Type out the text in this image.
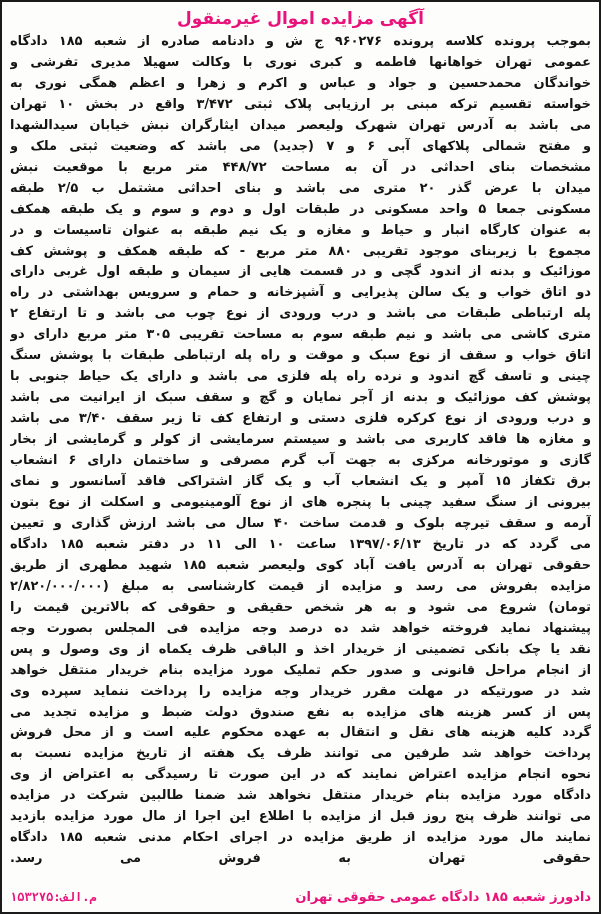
آگهی مزایده اموال غیرمنقول
بموجب پرونده کلاسه پرونده ۹۶۰۲۷۶ ج ش و دادنامه صادره از شعبه ۱۸۵ دادگاه
عمومی تهران خواهانها فاطمه و کبری نوری با وکالت سهیلا مدیری تفرشی و
خواندگان محمدحسین و جواد و عباس و اکرم و زهرا و اعظم همگی نوری به
خواسته تقسیم ترکه مبنی بر ارزیابی پلاک ثبتی ۳/۴۷۲ واقع در بخش ۱۰ تهران
می باشد به آدرس تهران شهرک ولیعصر میدان ایثارگران نبش خیابان سیدالشهدا
و مفتح شمالی پلاکهای آبی ۶ و ۷ (جدید) می باشد که وضعیت ثبتی ملک و
مشخصات بنای احداثی در آن به مساحت ۴۴۸/۷۲ متر مربع با موقعیت نبش
میدان با عرض گذر ۲۰ متری می باشد و بنای احداثی مشتمل ب ۲/۵ طبقه
مسکونی جمعا ۵ واحد مسکونی در طبقات اول و دوم و سوم و یک طبقه همکف
به عنوان کارگاه انبار و حیاط و مغازه و یک نیم طبقه به عنوان تاسیسات و در
مجموع با زیربنای موجود تقریبی ۸۸۰ متر مربع - که طبقه همکف و پوشش کف
موزائیک و بدنه از اندود گچی و در قسمت هایی از سیمان و طبقه اول غربی دارای
دو اتاق خواب و یک سالن پذیرایی و آشپزخانه و حمام و سرویس بهداشتی در راه
پله ارتباطی طبقات می باشد و درب ورودی از نوع چوب می باشد و تا ارتفاع ۲
متری کاشی می باشد و نیم طبقه سوم به مساحت تقریبی ۳۰۵ متر مربع دارای دو
اتاق خواب و سقف از نوع سبک و موقت و راه پله ارتباطی طبقات با پوشش سنگ
چینی و تاسف گچ اندود و نرده راه پله فلزی می باشد و دارای یک حیاط جنوبی با
پوشش کف موزائیک و بدنه از آجر نمایان و گچ و سقف سبک از ایرانیت می باشد
و درب ورودی از نوع کرکره فلزی دستی و ارتفاع کف تا زیر سقف ۳/۴۰ می باشد
و مغازه ها فاقد کاربری می باشد و سیستم سرمایشی از کولر و گرمایشی از بخار
گازی و موتورخانه مرکزی به جهت آب گرم مصرفی و ساختمان دارای ۶ انشعاب
برق تکفاز ۱۵ آمپر و یک انشعاب آب و یک گاز اشتراکی فاقد آسانسور و نمای
بیرونی از سنگ سفید چینی با پنجره های از نوع آلومینیومی و اسکلت از نوع بتون
آرمه و سقف تیرچه بلوک و قدمت ساخت ۴۰ سال می باشد ارزش گذاری و تعیین
می گردد که در تاریخ ۱۳۹۷/۰۶/۱۳ ساعت ۱۰ الی ۱۱ در دفتر شعبه ۱۸۵ دادگاه
حقوقی تهران به آدرس یافت آباد کوی ولیعصر شعبه ۱۸۵ شهید مطهری از طریق
مزایده بفروش می رسد و مزایده از قیمت کارشناسی به مبلغ (۲/۸۲۰/۰۰۰/۰۰۰
تومان) شروع می شود و به هر شخص حقیقی و حقوقی که بالاترین قیمت را
پیشنهاد نماید فروخته خواهد شد ده درصد وجه مزایده فی المجلس بصورت وجه
نقد یا چک بانکی تضمینی از خریدار اخذ و الباقی ظرف یکماه از وی وصول و پس
از انجام مراحل قانونی و صدور حکم تملیک مورد مزایده بنام خریدار منتقل خواهد
شد در صورتیکه در مهلت مقرر خریدار وجه مزایده را پرداخت ننماید سپرده وی
پس از کسر هزینه های مزایده به نفع صندوق دولت ضبط و مزایده تجدید می
گردد کلیه هزینه های نقل و انتقال به عهده محکوم علیه است و از محل فروش
پرداخت خواهد شد طرفین می توانند ظرف یک هفته از تاریخ مزایده نسبت به
نحوه انجام مزایده اعتراض نمایند که در این صورت تا رسیدگی به اعتراض از وی
دادگاه مورد مزایده بنام خریدار منتقل نخواهد شد ضمنا طالبین شرکت در مزایده
می توانند ظرف پنج روز قبل از مزایده با اطلاع این اجرا از مال مورد مزایده بازدید
نمایند مال مورد مزایده از طریق مزایده در اجرای احکام مدنی شعبه ۱۸۵ دادگاه
حقوقی تهران به فروش می رسد.
دادورز شعبه ۱۸۵ دادگاه عمومی حقوقی تهران
م.الف:۱۵۳۲۷۵
